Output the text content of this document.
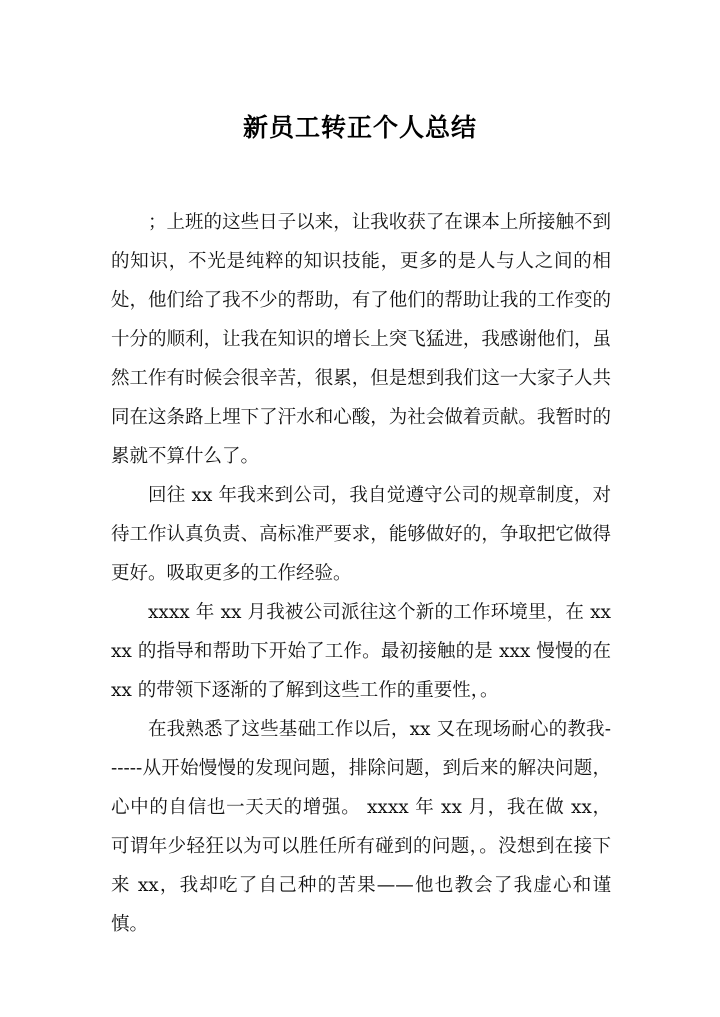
新员工转正个人总结

；上班的这些日子以来，让我收获了在课本上所接触不到的知识，不光是纯粹的知识技能，更多的是人与人之间的相处，他们给了我不少的帮助，有了他们的帮助让我的工作变的十分的顺利，让我在知识的增长上突飞猛进，我感谢他们，虽然工作有时候会很辛苦，很累，但是想到我们这一大家子人共同在这条路上埋下了汗水和心酸，为社会做着贡献。我暂时的累就不算什么了。

回往 xx 年我来到公司，我自觉遵守公司的规章制度，对待工作认真负责、高标准严要求，能够做好的，争取把它做得更好。吸取更多的工作经验。

xxxx 年 xx 月我被公司派往这个新的工作环境里，在 xxxx 的指导和帮助下开始了工作。最初接触的是 xxx 慢慢的在 xx 的带领下逐渐的了解到这些工作的重要性，。

在我熟悉了这些基础工作以后，xx 又在现场耐心的教我------从开始慢慢的发现问题，排除问题，到后来的解决问题，心中的自信也一天天的增强。 xxxx 年 xx 月，我在做 xx，可谓年少轻狂以为可以胜任所有碰到的问题，。没想到在接下来 xx，我却吃了自己种的苦果——他也教会了我虚心和谨慎。
